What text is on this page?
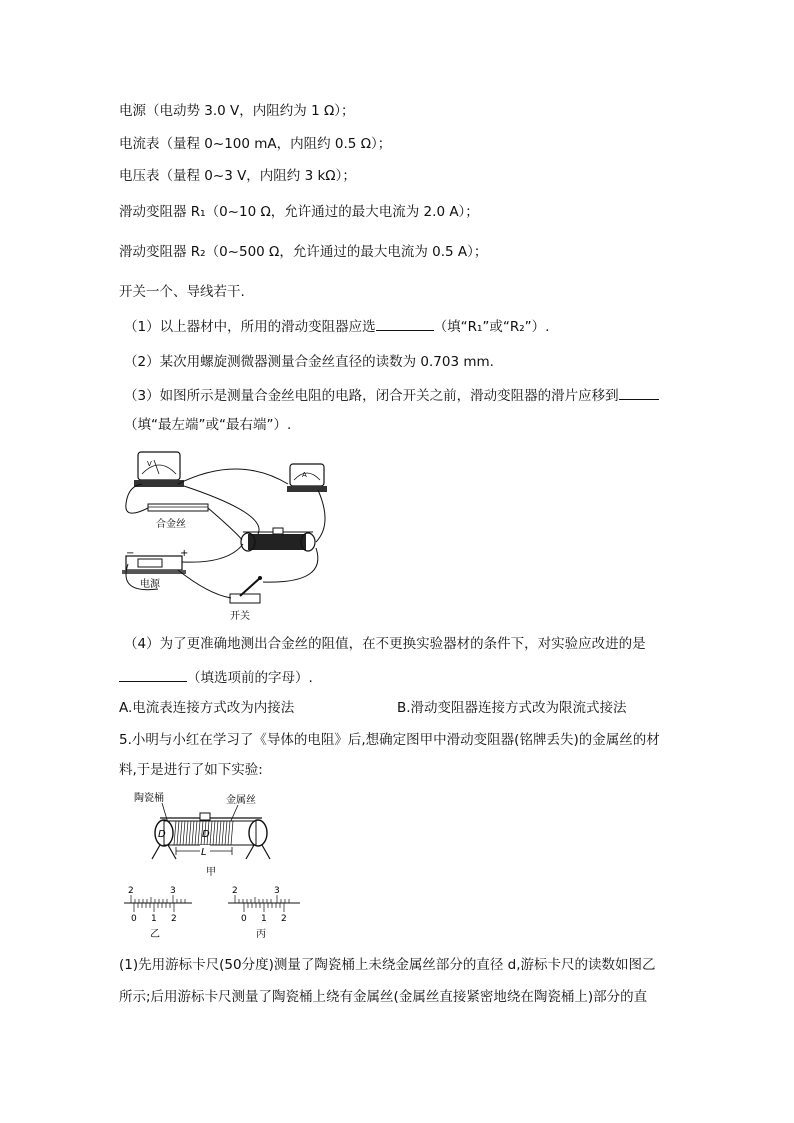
电源（电动势 3.0 V，内阻约为 1 Ω）；
电流表（量程 0~100 mA，内阻约 0.5 Ω）；
电压表（量程 0~3 V，内阻约 3 kΩ）；
滑动变阻器 R₁（0~10 Ω，允许通过的最大电流为 2.0 A）；
滑动变阻器 R₂（0~500 Ω，允许通过的最大电流为 0.5 A）；
开关一个、导线若干.
（1）以上器材中，所用的滑动变阻器应选	（填“R₁”或“R₂”）.
（2）某次用螺旋测微器测量合金丝直径的读数为 0.703 mm.
（3）如图所示是测量合金丝电阻的电路，闭合开关之前，滑动变阻器的滑片应移到
（填“最左端”或“最右端”）.
V
A
合金丝
−	+
电源
开关
（4）为了更准确地测出合金丝的阻值，在不更换实验器材的条件下，对实验应改进的是
（填选项前的字母）.
A.电流表连接方式改为内接法	B.滑动变阻器连接方式改为限流式接法
5.小明与小红在学习了《导体的电阻》后,想确定图甲中滑动变阻器(铭牌丢失)的金属丝的材
料,于是进行了如下实验:
陶瓷桶	金属丝
D	D
L
甲
2	3
0 1 2
乙
2	3
0 1 2
丙
(1)先用游标卡尺(50分度)测量了陶瓷桶上未绕金属丝部分的直径 d,游标卡尺的读数如图乙
所示;后用游标卡尺测量了陶瓷桶上绕有金属丝(金属丝直接紧密地绕在陶瓷桶上)部分的直
